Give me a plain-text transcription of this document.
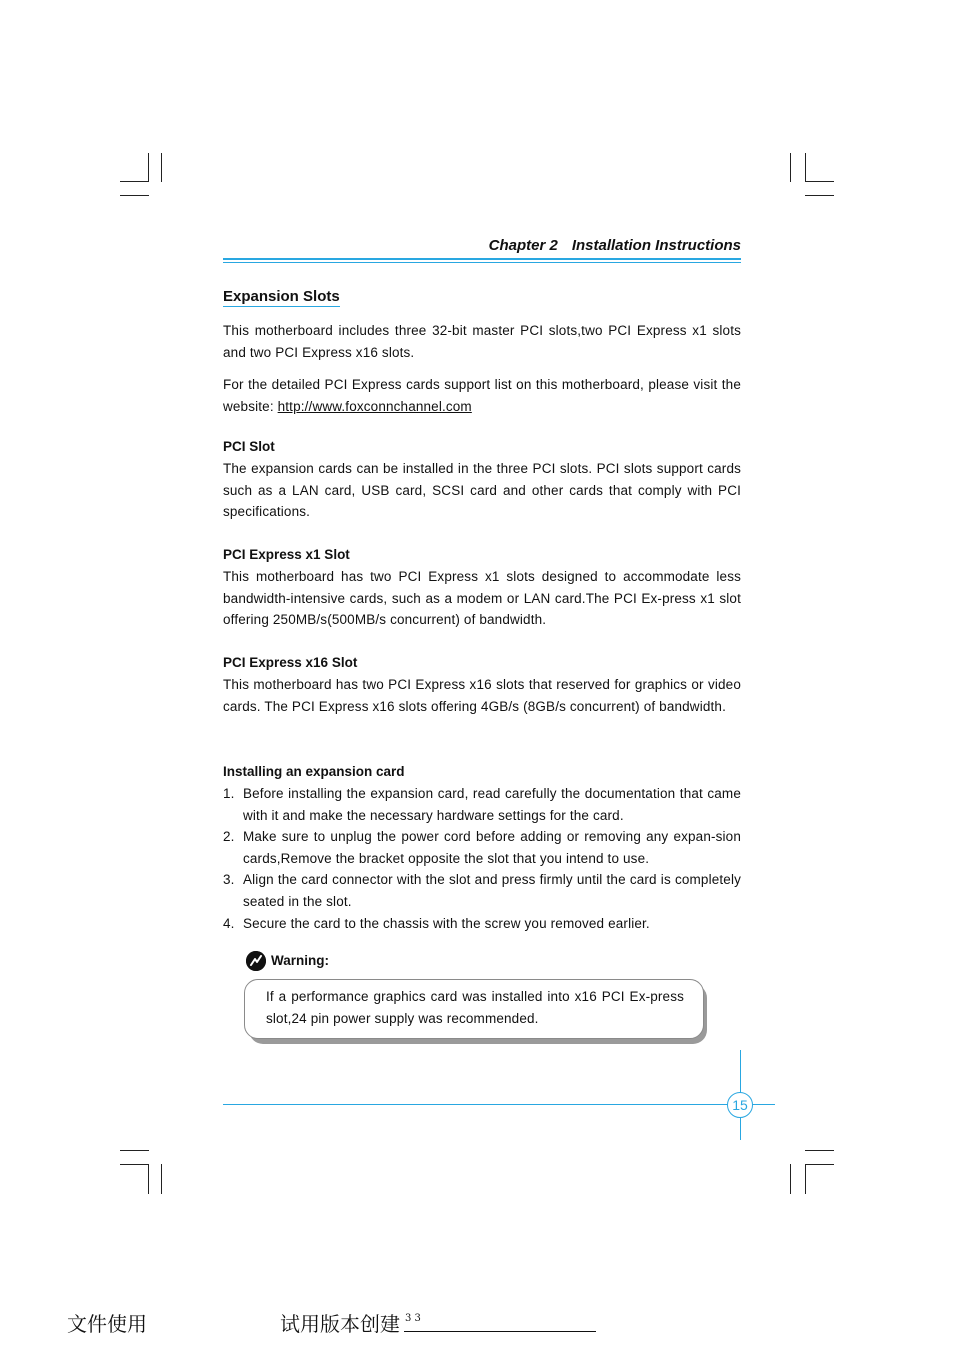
Chapter 2 Installation Instructions
Expansion Slots
This motherboard includes three 32-bit master PCI slots,two PCI Express x1 slots and two PCI Express x16 slots.
For the detailed PCI Express cards support list on this motherboard, please visit the website: http://www.foxconnchannel.com
PCI Slot
The expansion cards can be installed in the three PCI slots. PCI slots support cards such as a LAN card, USB card, SCSI card and other cards that comply with PCI specifications.
PCI Express x1 Slot
This motherboard has two PCI Express x1 slots designed to accommodate less bandwidth-intensive cards, such as a modem or LAN card.The PCI Ex-press x1 slot offering 250MB/s(500MB/s concurrent) of bandwidth.
PCI Express x16 Slot
This motherboard has two PCI Express x16 slots that reserved for graphics or video cards. The PCI Express x16 slots offering 4GB/s (8GB/s concurrent) of bandwidth.
Installing an expansion card
1. Before installing the expansion card, read carefully the documentation that came with it and make the necessary hardware settings for the card.
2. Make sure to unplug the power cord before adding or removing any expan-sion cards,Remove the bracket opposite the slot that you intend to use.
3. Align the card connector with the slot and press firmly until the card is completely seated in the slot.
4. Secure the card to the chassis with the screw you removed earlier.
Warning:
If a performance graphics card was installed into x16 PCI Ex-press slot,24 pin power supply was recommended.
15
文件使用	试用版本创建 3 3
